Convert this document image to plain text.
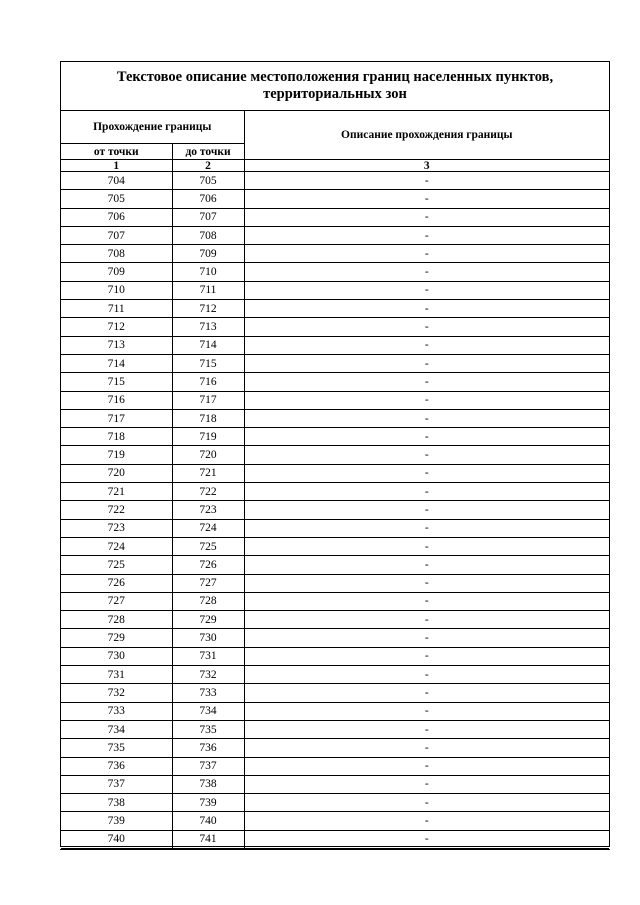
Текстовое описание местоположения границ населенных пунктов,
территориальных зон
Прохождение границы		Описание прохождения границы
от точки	до точки	
1	2	3
704	705	-
705	706	-
706	707	-
707	708	-
708	709	-
709	710	-
710	711	-
711	712	-
712	713	-
713	714	-
714	715	-
715	716	-
716	717	-
717	718	-
718	719	-
719	720	-
720	721	-
721	722	-
722	723	-
723	724	-
724	725	-
725	726	-
726	727	-
727	728	-
728	729	-
729	730	-
730	731	-
731	732	-
732	733	-
733	734	-
734	735	-
735	736	-
736	737	-
737	738	-
738	739	-
739	740	-
740	741	-
